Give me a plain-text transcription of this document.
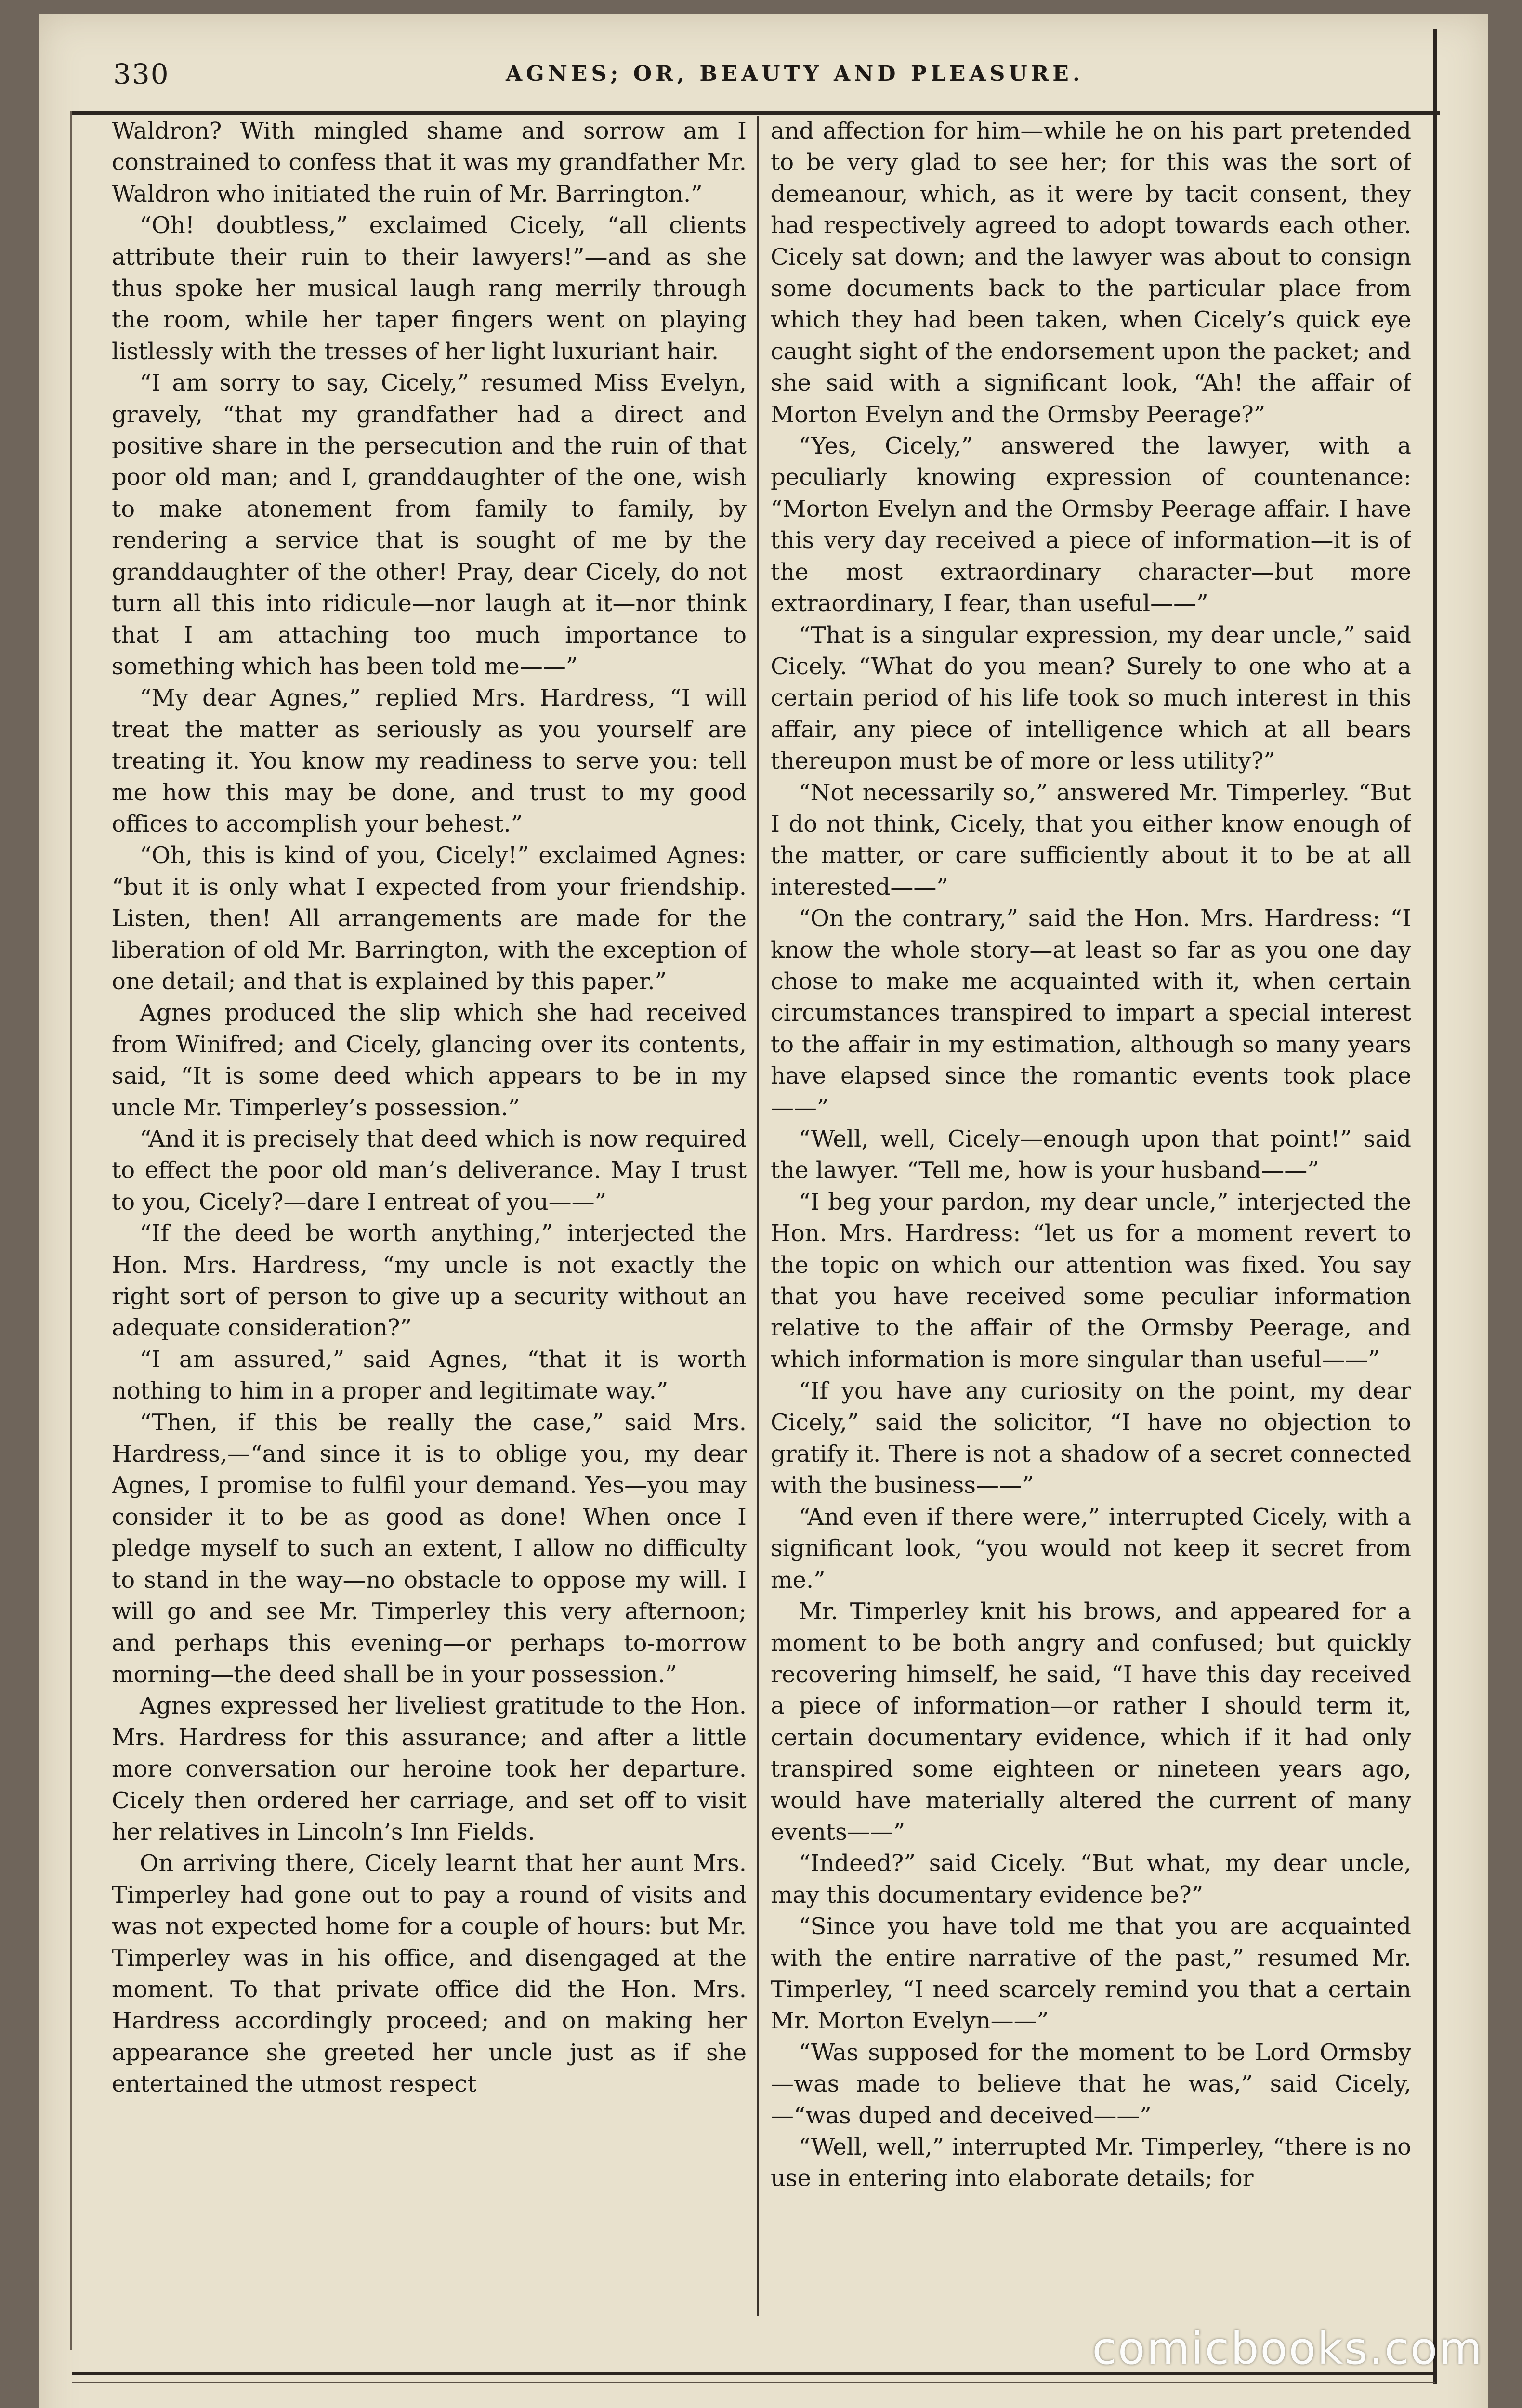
330	AGNES; OR, BEAUTY AND PLEASURE.

Waldron? With mingled shame and sorrow am I constrained to confess that it was my grandfather Mr. Waldron who initiated the ruin of Mr. Barrington.”

“Oh! doubtless,” exclaimed Cicely, “all clients attribute their ruin to their lawyers!”—and as she thus spoke her musical laugh rang merrily through the room, while her taper fingers went on playing listlessly with the tresses of her light luxuriant hair.

“I am sorry to say, Cicely,” resumed Miss Evelyn, gravely, “that my grandfather had a direct and positive share in the persecution and the ruin of that poor old man; and I, granddaughter of the one, wish to make atonement from family to family, by rendering a service that is sought of me by the granddaughter of the other! Pray, dear Cicely, do not turn all this into ridicule—nor laugh at it—nor think that I am attaching too much importance to something which has been told me——”

“My dear Agnes,” replied Mrs. Hardress, “I will treat the matter as seriously as you yourself are treating it. You know my readiness to serve you: tell me how this may be done, and trust to my good offices to accomplish your behest.”

“Oh, this is kind of you, Cicely!” exclaimed Agnes: “but it is only what I expected from your friendship. Listen, then! All arrangements are made for the liberation of old Mr. Barrington, with the exception of one detail; and that is explained by this paper.”

Agnes produced the slip which she had received from Winifred; and Cicely, glancing over its contents, said, “It is some deed which appears to be in my uncle Mr. Timperley’s possession.”

“And it is precisely that deed which is now required to effect the poor old man’s deliverance. May I trust to you, Cicely?—dare I entreat of you——”

“If the deed be worth anything,” interjected the Hon. Mrs. Hardress, “my uncle is not exactly the right sort of person to give up a security without an adequate consideration?”

“I am assured,” said Agnes, “that it is worth nothing to him in a proper and legitimate way.”

“Then, if this be really the case,” said Mrs. Hardress,—“and since it is to oblige you, my dear Agnes, I promise to fulfil your demand. Yes—you may consider it to be as good as done! When once I pledge myself to such an extent, I allow no difficulty to stand in the way—no obstacle to oppose my will. I will go and see Mr. Timperley this very afternoon; and perhaps this evening—or perhaps to-morrow morning—the deed shall be in your possession.”

Agnes expressed her liveliest gratitude to the Hon. Mrs. Hardress for this assurance; and after a little more conversation our heroine took her departure. Cicely then ordered her carriage, and set off to visit her relatives in Lincoln’s Inn Fields.

On arriving there, Cicely learnt that her aunt Mrs. Timperley had gone out to pay a round of visits and was not expected home for a couple of hours: but Mr. Timperley was in his office, and disengaged at the moment. To that private office did the Hon. Mrs. Hardress accordingly proceed; and on making her appearance she greeted her uncle just as if she entertained the utmost respect

and affection for him—while he on his part pretended to be very glad to see her; for this was the sort of demeanour, which, as it were by tacit consent, they had respectively agreed to adopt towards each other. Cicely sat down; and the lawyer was about to consign some documents back to the particular place from which they had been taken, when Cicely’s quick eye caught sight of the endorsement upon the packet; and she said with a significant look, “Ah! the affair of Morton Evelyn and the Ormsby Peerage?”

“Yes, Cicely,” answered the lawyer, with a peculiarly knowing expression of countenance: “Morton Evelyn and the Ormsby Peerage affair. I have this very day received a piece of information—it is of the most extraordinary character—but more extraordinary, I fear, than useful——”

“That is a singular expression, my dear uncle,” said Cicely. “What do you mean? Surely to one who at a certain period of his life took so much interest in this affair, any piece of intelligence which at all bears thereupon must be of more or less utility?”

“Not necessarily so,” answered Mr. Timperley. “But I do not think, Cicely, that you either know enough of the matter, or care sufficiently about it to be at all interested——”

“On the contrary,” said the Hon. Mrs. Hardress: “I know the whole story—at least so far as you one day chose to make me acquainted with it, when certain circumstances transpired to impart a special interest to the affair in my estimation, although so many years have elapsed since the romantic events took place——”

“Well, well, Cicely—enough upon that point!” said the lawyer. “Tell me, how is your husband——”

“I beg your pardon, my dear uncle,” interjected the Hon. Mrs. Hardress: “let us for a moment revert to the topic on which our attention was fixed. You say that you have received some peculiar information relative to the affair of the Ormsby Peerage, and which information is more singular than useful——”

“If you have any curiosity on the point, my dear Cicely,” said the solicitor, “I have no objection to gratify it. There is not a shadow of a secret connected with the business——”

“And even if there were,” interrupted Cicely, with a significant look, “you would not keep it secret from me.”

Mr. Timperley knit his brows, and appeared for a moment to be both angry and confused; but quickly recovering himself, he said, “I have this day received a piece of information—or rather I should term it, certain documentary evidence, which if it had only transpired some eighteen or nineteen years ago, would have materially altered the current of many events——”

“Indeed?” said Cicely. “But what, my dear uncle, may this documentary evidence be?”

“Since you have told me that you are acquainted with the entire narrative of the past,” resumed Mr. Timperley, “I need scarcely remind you that a certain Mr. Morton Evelyn——”

“Was supposed for the moment to be Lord Ormsby—was made to believe that he was,” said Cicely,—“was duped and deceived——”

“Well, well,” interrupted Mr. Timperley, “there is no use in entering into elaborate details; for

comicbooks.com
